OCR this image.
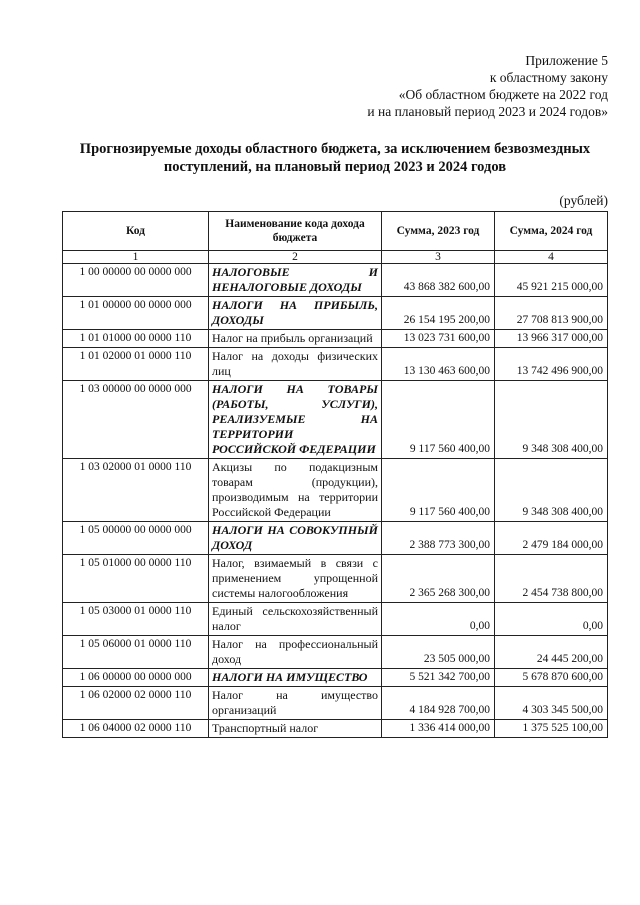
Приложение 5
к областному закону
«Об областном бюджете на 2022 год
и на плановый период 2023 и 2024 годов»
Прогнозируемые доходы областного бюджета, за исключением безвозмездных
поступлений, на плановый период 2023 и 2024 годов
(рублей)
Код	Наименование кода дохода бюджета	Сумма, 2023 год	Сумма, 2024 год
1	2	3	4
1 00 00000 00 0000 000	НАЛОГОВЫЕ И НЕНАЛОГОВЫЕ ДОХОДЫ	43 868 382 600,00	45 921 215 000,00
1 01 00000 00 0000 000	НАЛОГИ НА ПРИБЫЛЬ, ДОХОДЫ	26 154 195 200,00	27 708 813 900,00
1 01 01000 00 0000 110	Налог на прибыль организаций	13 023 731 600,00	13 966 317 000,00
1 01 02000 01 0000 110	Налог на доходы физических лиц	13 130 463 600,00	13 742 496 900,00
1 03 00000 00 0000 000	НАЛОГИ НА ТОВАРЫ (РАБОТЫ, УСЛУГИ), РЕАЛИЗУЕМЫЕ НА ТЕРРИТОРИИ РОССИЙСКОЙ ФЕДЕРАЦИИ	9 117 560 400,00	9 348 308 400,00
1 03 02000 01 0000 110	Акцизы по подакцизным товарам (продукции), производимым на территории Российской Федерации	9 117 560 400,00	9 348 308 400,00
1 05 00000 00 0000 000	НАЛОГИ НА СОВОКУПНЫЙ ДОХОД	2 388 773 300,00	2 479 184 000,00
1 05 01000 00 0000 110	Налог, взимаемый в связи с применением упрощенной системы налогообложения	2 365 268 300,00	2 454 738 800,00
1 05 03000 01 0000 110	Единый сельскохозяйственный налог	0,00	0,00
1 05 06000 01 0000 110	Налог на профессиональный доход	23 505 000,00	24 445 200,00
1 06 00000 00 0000 000	НАЛОГИ НА ИМУЩЕСТВО	5 521 342 700,00	5 678 870 600,00
1 06 02000 02 0000 110	Налог на имущество организаций	4 184 928 700,00	4 303 345 500,00
1 06 04000 02 0000 110	Транспортный налог	1 336 414 000,00	1 375 525 100,00
